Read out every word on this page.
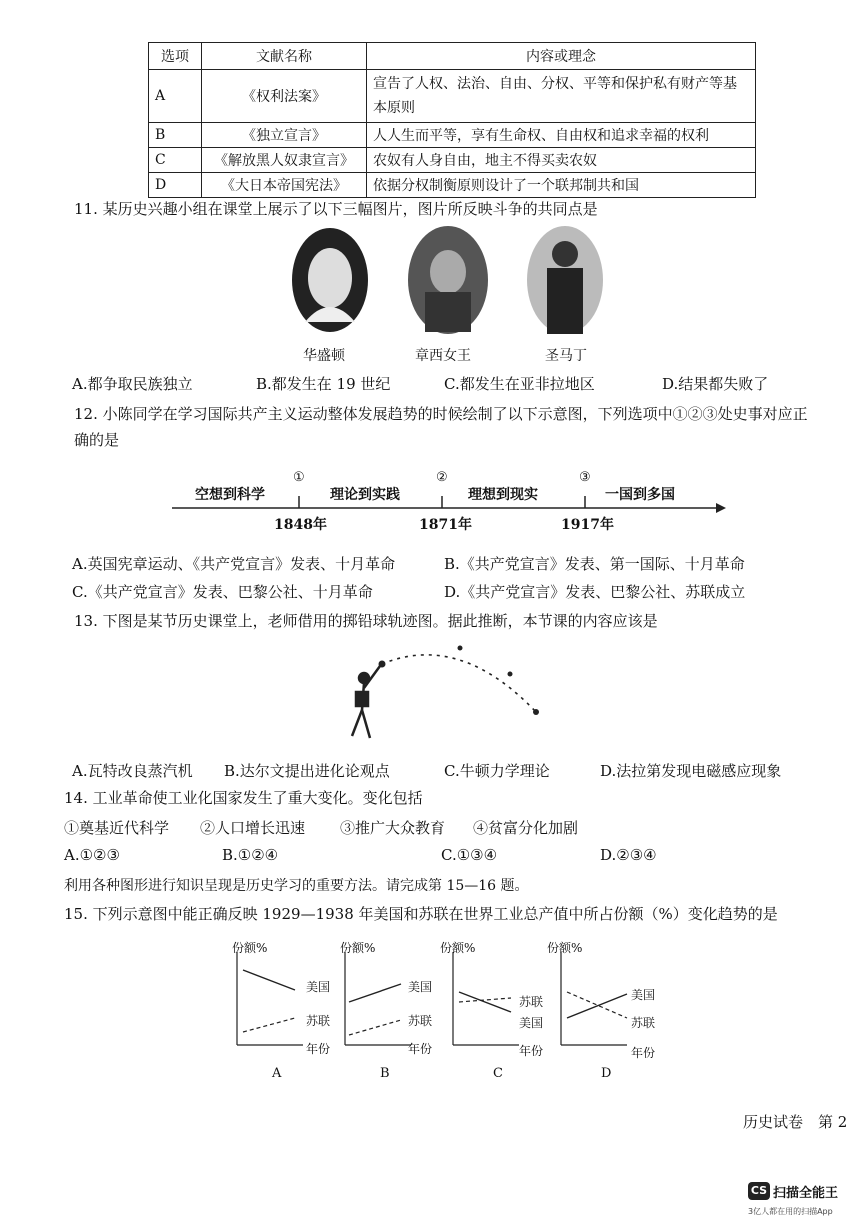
选项	文献名称	内容或理念
A	《权利法案》	宣告了人权、法治、自由、分权、平等和保护私有财产等基本原则
B	《独立宣言》	人人生而平等，享有生命权、自由权和追求幸福的权利
C	《解放黑人奴隶宣言》	农奴有人身自由，地主不得买卖农奴
D	《大日本帝国宪法》	依据分权制衡原则设计了一个联邦制共和国
11. 某历史兴趣小组在课堂上展示了以下三幅图片，图片所反映斗争的共同点是
华盛顿	章西女王	圣马丁
A.都争取民族独立	B.都发生在 19 世纪	C.都发生在亚非拉地区	D.结果都失败了
12. 小陈同学在学习国际共产主义运动整体发展趋势的时候绘制了以下示意图，下列选项中①②③处史事对应正
确的是
空想到科学	理论到实践	理想到现实	一国到多国
①	②	③
1848年	1871年	1917年
A.英国宪章运动、《共产党宣言》发表、十月革命	B.《共产党宣言》发表、第一国际、十月革命
C.《共产党宣言》发表、巴黎公社、十月革命	D.《共产党宣言》发表、巴黎公社、苏联成立
13. 下图是某节历史课堂上，老师借用的掷铅球轨迹图。据此推断，本节课的内容应该是
A.瓦特改良蒸汽机 B.达尔文提出进化论观点	C.牛顿力学理论	D.法拉第发现电磁感应现象
14. 工业革命使工业化国家发生了重大变化。变化包括
①奠基近代科学 ②人口增长迅速 ③推广大众教育 ④贫富分化加剧
A.①②③	B.①②④	C.①③④	D.②③④
利用各种图形进行知识呈现是历史学习的重要方法。请完成第 15—16 题。
15. 下列示意图中能正确反映 1929—1938 年美国和苏联在世界工业总产值中所占份额（%）变化趋势的是
份额%
美国
苏联
年份
A
份额%
美国
苏联
年份
B
份额%
苏联
美国
年份
C
份额%
美国
苏联
年份
D
历史试卷 第 2
CS 扫描全能王
3亿人都在用的扫描App
